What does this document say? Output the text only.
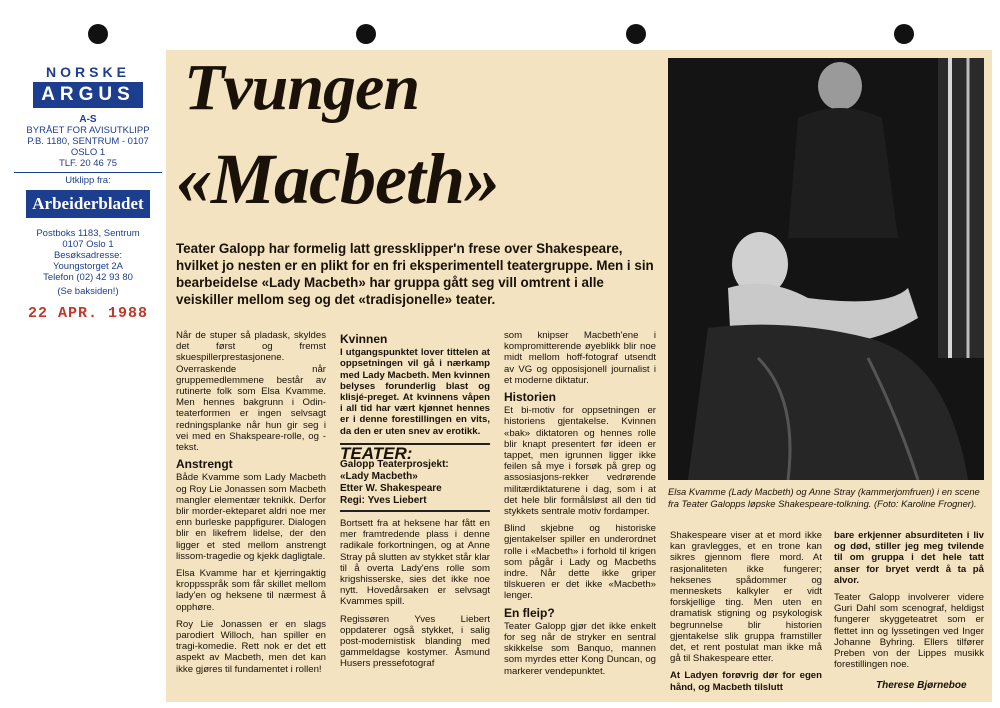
NORSKE
ARGUS
A-S
BYRÅET FOR AVISUTKLIPP
P.B. 1180, SENTRUM - 0107 OSLO 1
TLF. 20 46 75
Utklipp fra:
Arbeiderbladet
Postboks 1183, Sentrum
0107 Oslo 1
Besøksadresse:
Youngstorget 2A
Telefon (02) 42 93 80
(Se baksiden!)
22 APR. 1988
Tvungen
«Macbeth»
Teater Galopp har formelig latt gressklipper'n frese over Shakespeare, hvilket jo nesten er en plikt for en fri eksperimentell teatergruppe. Men i sin bearbeidelse «Lady Macbeth» har gruppa gått seg vill omtrent i alle veiskiller mellom seg og det «tradisjonelle» teater.
Elsa Kvamme (Lady Macbeth) og Anne Stray (kammerjomfruen) i en scene fra Teater Galopps løpske Shakespeare-tolkning. (Foto: Karoline Frogner).

Når de stuper så pladask, skyldes det først og fremst skuespillerprestasjonene. Overraskende når gruppemedlemmene består av rutinerte folk som Elsa Kvamme. Men hennes bakgrunn i Odin-teaterformen er ingen selvsagt redningsplanke når hun gir seg i vei med en Shakspeare-rolle, og -tekst.

Anstrengt

Både Kvamme som Lady Macbeth og Roy Lie Jonassen som Macbeth mangler elementær teknikk. Derfor blir morder-ekteparet aldri noe mer enn burleske pappfigurer. Dialogen blir en likefrem lidelse, der den ligger et sted mellom anstrengt lissom-tragedie og kjekk dagligtale.

Elsa Kvamme har et kjerringaktig kroppsspråk som får skillet mellom lady'en og heksene til nærmest å opphøre.

Roy Lie Jonassen er en slags parodiert Willoch, han spiller en tragi-komedie. Rett nok er det ett aspekt av Macbeth, men det kan ikke gjøres til fundamentet i rollen!

Kvinnen

I utgangspunktet lover tittelen at oppsetningen vil gå i nærkamp med Lady Macbeth. Men kvinnen belyses forunderlig blast og klisjé-preget. At kvinnens våpen i all tid har vært kjønnet hennes er i denne forestillingen en vits, da den er uten snev av erotikk.

TEATER:
Galopp Teaterprosjekt:
«Lady Macbeth»
Etter W. Shakespeare
Regi: Yves Liebert

Bortsett fra at heksene har fått en mer framtredende plass i denne radikale forkortningen, og at Anne Stray på slutten av stykket står klar til å overta Lady'ens rolle som krigshisserske, sies det ikke noe nytt. Hovedårsaken er selvsagt Kvammes spill.

Regissøren Yves Liebert oppdaterer også stykket, i salig post-modernistisk blanding med gammeldagse kostymer. Åsmund Husers pressefotograf

som knipser Macbeth'ene i kompromitterende øyeblikk blir noe midt mellom hoff-fotograf utsendt av VG og opposisjonell journalist i et moderne diktatur.

Historien

Et bi-motiv for oppsetningen er historiens gjentakelse. Kvinnen «bak» diktatoren og hennes rolle blir knapt presentert før ideen er tappet, men igrunnen ligger ikke feilen så mye i forsøk på grep og assosiasjons-rekker vedrørende militærdiktaturene i dag, som i at det hele blir formålsløst all den tid stykkets sentrale motiv fordamper.

Blind skjebne og historiske gjentakelser spiller en underordnet rolle i «Macbeth» i forhold til krigen som pågår i Lady og Macbeths indre. Når dette ikke griper tilskueren er det ikke «Macbeth» lenger.

En fleip?

Teater Galopp gjør det ikke enkelt for seg når de stryker en sentral skikkelse som Banquo, mannen som myrdes etter Kong Duncan, og markerer vendepunktet.

Shakespeare viser at et mord ikke kan gravlegges, et en trone kan sikres gjennom flere mord. At rasjonaliteten ikke fungerer; heksenes spådommer og menneskets kalkyler er vidt forskjellige ting. Men uten en dramatisk stigning og psykologisk begrunnelse blir historien gjentakelse slik gruppa framstiller det, et rent postulat man ikke må gå til Shakespeare etter.

At Ladyen forøvrig dør for egen hånd, og Macbeth tilslutt

bare erkjenner absurditeten i liv og død, stiller jeg meg tvilende til om gruppa i det hele tatt anser for bryet verdt å ta på alvor.

Teater Galopp involverer videre Guri Dahl som scenograf, heldigst fungerer skyggeteatret som er flettet inn og lyssetingen ved Inger Johanne Byhring. Ellers tilfører Preben von der Lippes musikk forestillingen noe.

Therese Bjørneboe
